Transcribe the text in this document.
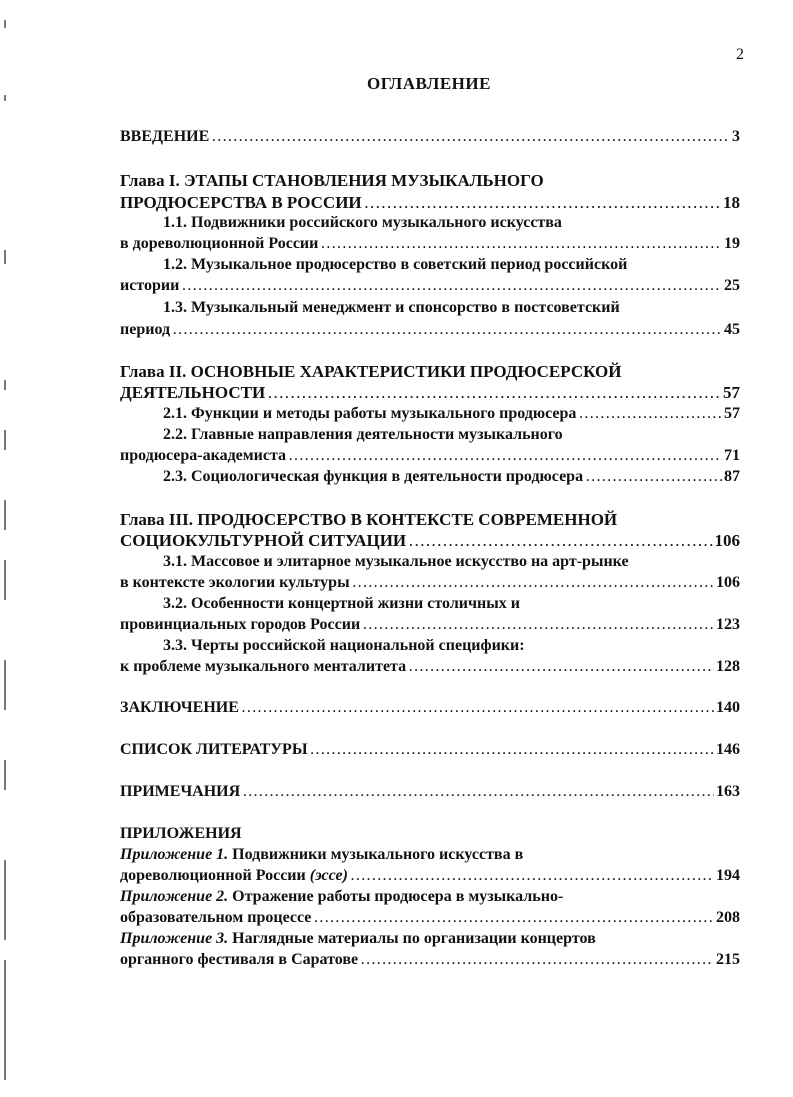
2
ОГЛАВЛЕНИЕ
ВВЕДЕНИЕ ………………………………………………………………………………………………………………………………………………………	3
Глава I. ЭТАПЫ СТАНОВЛЕНИЯ МУЗЫКАЛЬНОГО
ПРОДЮСЕРСТВА В РОССИИ ………………………………………………………………………………………………………………………………………………………	18
1.1. Подвижники российского музыкального искусства
в дореволюционной России ………………………………………………………………………………………………………………………………………………………	19
1.2. Музыкальное продюсерство в советский период российской
истории ………………………………………………………………………………………………………………………………………………………	25
1.3. Музыкальный менеджмент и спонсорство в постсоветский
период ………………………………………………………………………………………………………………………………………………………	45
Глава II. ОСНОВНЫЕ ХАРАКТЕРИСТИКИ ПРОДЮСЕРСКОЙ
ДЕЯТЕЛЬНОСТИ ………………………………………………………………………………………………………………………………………………………	57
2.1. Функции и методы работы музыкального продюсера ………………………………………………………………………………………………………………………………………………………	57
2.2. Главные направления деятельности музыкального
продюсера-академиста ………………………………………………………………………………………………………………………………………………………	71
2.3. Социологическая функция в деятельности продюсера ………………………………………………………………………………………………………………………………………………………	87
Глава III. ПРОДЮСЕРСТВО В КОНТЕКСТЕ СОВРЕМЕННОЙ
СОЦИОКУЛЬТУРНОЙ СИТУАЦИИ ………………………………………………………………………………………………………………………………………………………	106
3.1. Массовое и элитарное музыкальное искусство на арт-рынке
в контексте экологии культуры ………………………………………………………………………………………………………………………………………………………	106
3.2. Особенности концертной жизни столичных и
провинциальных городов России ………………………………………………………………………………………………………………………………………………………	123
3.3. Черты российской национальной специфики:
к проблеме музыкального менталитета ………………………………………………………………………………………………………………………………………………………	128
ЗАКЛЮЧЕНИЕ ………………………………………………………………………………………………………………………………………………………	140
СПИСОК ЛИТЕРАТУРЫ ………………………………………………………………………………………………………………………………………………………	146
ПРИМЕЧАНИЯ ………………………………………………………………………………………………………………………………………………………	163
ПРИЛОЖЕНИЯ
Приложение 1. Подвижники музыкального искусства в
дореволюционной России (эссе) ………………………………………………………………………………………………………………………………………………………	194
Приложение 2. Отражение работы продюсера в музыкально-
образовательном процессе ………………………………………………………………………………………………………………………………………………………	208
Приложение 3. Наглядные материалы по организации концертов
органного фестиваля в Саратове ………………………………………………………………………………………………………………………………………………………	215
